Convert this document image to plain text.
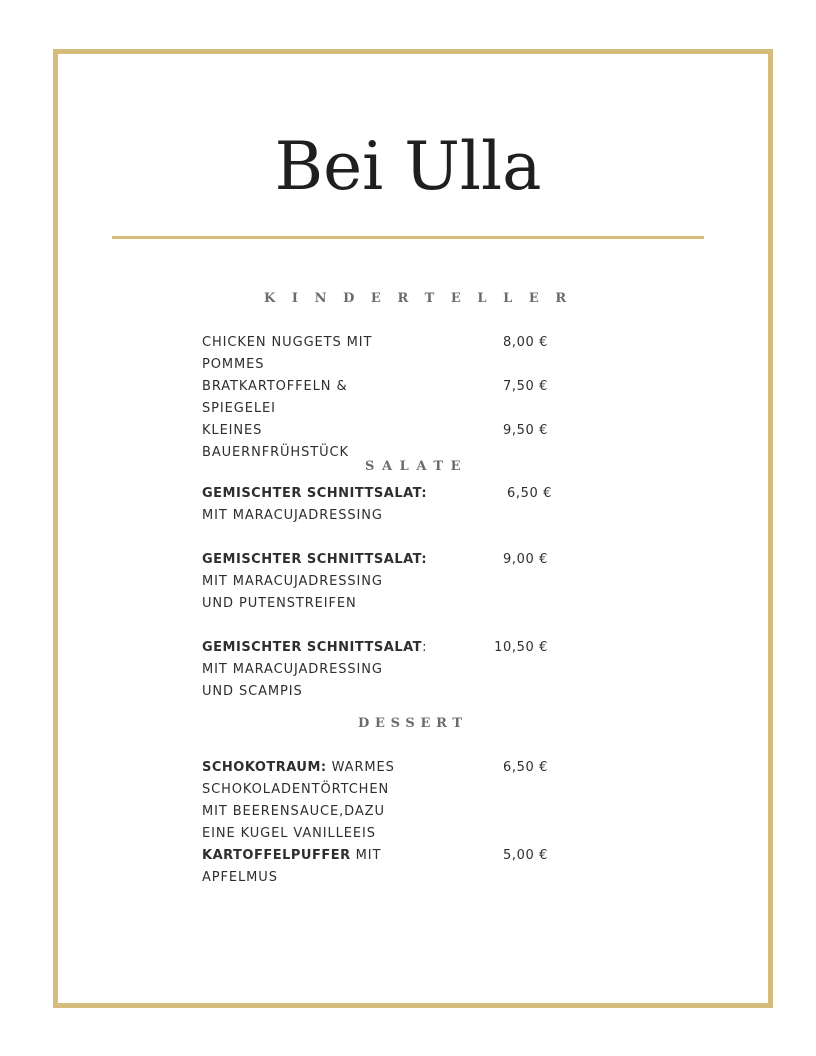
Bei Ulla
KINDERTELLER
CHICKEN NUGGETS MIT
POMMES
8,00 €
BRATKARTOFFELN &
SPIEGELEI
7,50 €
KLEINES
BAUERNFRÜHSTÜCK
9,50 €
SALATE
GEMISCHTER SCHNITTSALAT:
MIT MARACUJADRESSING
6,50 €
GEMISCHTER SCHNITTSALAT:
MIT MARACUJADRESSING
UND PUTENSTREIFEN
9,00 €
GEMISCHTER SCHNITTSALAT:
MIT MARACUJADRESSING
UND SCAMPIS
10,50 €
DESSERT
SCHOKOTRAUM: WARMES
SCHOKOLADENTÖRTCHEN
MIT BEERENSAUCE,DAZU
EINE KUGEL VANILLEEIS
6,50 €
KARTOFFELPUFFER MIT
APFELMUS
5,00 €
